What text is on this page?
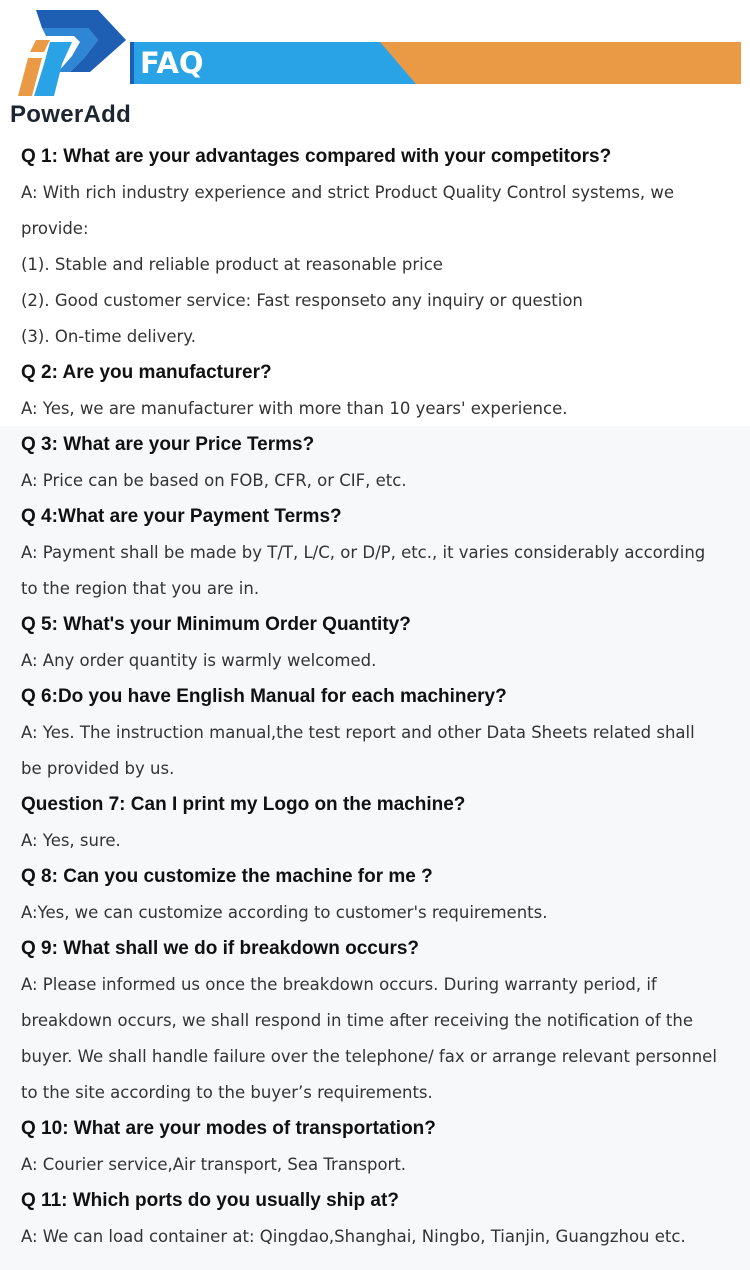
PowerAdd
FAQ
Q 1: What are your advantages compared with your competitors?
A: With rich industry experience and strict Product Quality Control systems, we
provide:
(1). Stable and reliable product at reasonable price
(2). Good customer service: Fast responseto any inquiry or question
(3). On-time delivery.
Q 2: Are you manufacturer?
A: Yes, we are manufacturer with more than 10 years' experience.
Q 3: What are your Price Terms?
A: Price can be based on FOB, CFR, or CIF, etc.
Q 4:What are your Payment Terms?
A: Payment shall be made by T/T, L/C, or D/P, etc., it varies considerably according
to the region that you are in.
Q 5: What's your Minimum Order Quantity?
A: Any order quantity is warmly welcomed.
Q 6:Do you have English Manual for each machinery?
A: Yes. The instruction manual,the test report and other Data Sheets related shall
be provided by us.
Question 7: Can I print my Logo on the machine?
A: Yes, sure.
Q 8: Can you customize the machine for me ?
A:Yes, we can customize according to customer's requirements.
Q 9: What shall we do if breakdown occurs?
A: Please informed us once the breakdown occurs. During warranty period, if
breakdown occurs, we shall respond in time after receiving the notification of the
buyer. We shall handle failure over the telephone/ fax or arrange relevant personnel
to the site according to the buyer’s requirements.
Q 10: What are your modes of transportation?
A: Courier service,Air transport, Sea Transport.
Q 11: Which ports do you usually ship at?
A: We can load container at: Qingdao,Shanghai, Ningbo, Tianjin, Guangzhou etc.
